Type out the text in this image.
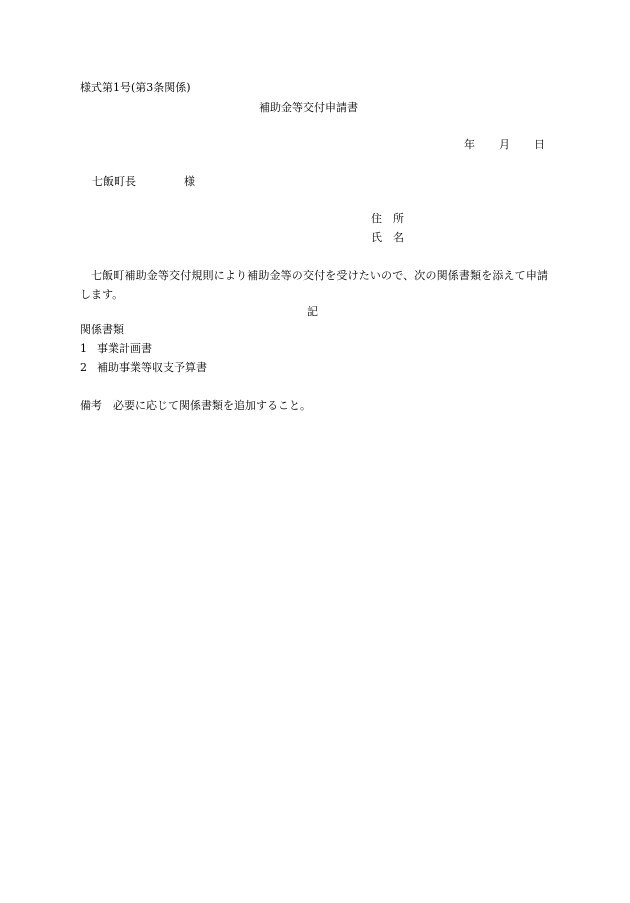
様式第1号(第3条関係)
補助金等交付申請書
年 月 日
七飯町長	様
住　所
氏　名
七飯町補助金等交付規則により補助金等の交付を受けたいので、次の関係書類を添えて申請します。
記
関係書類
1 事業計画書
2 補助事業等収支予算書
備考　必要に応じて関係書類を追加すること。
